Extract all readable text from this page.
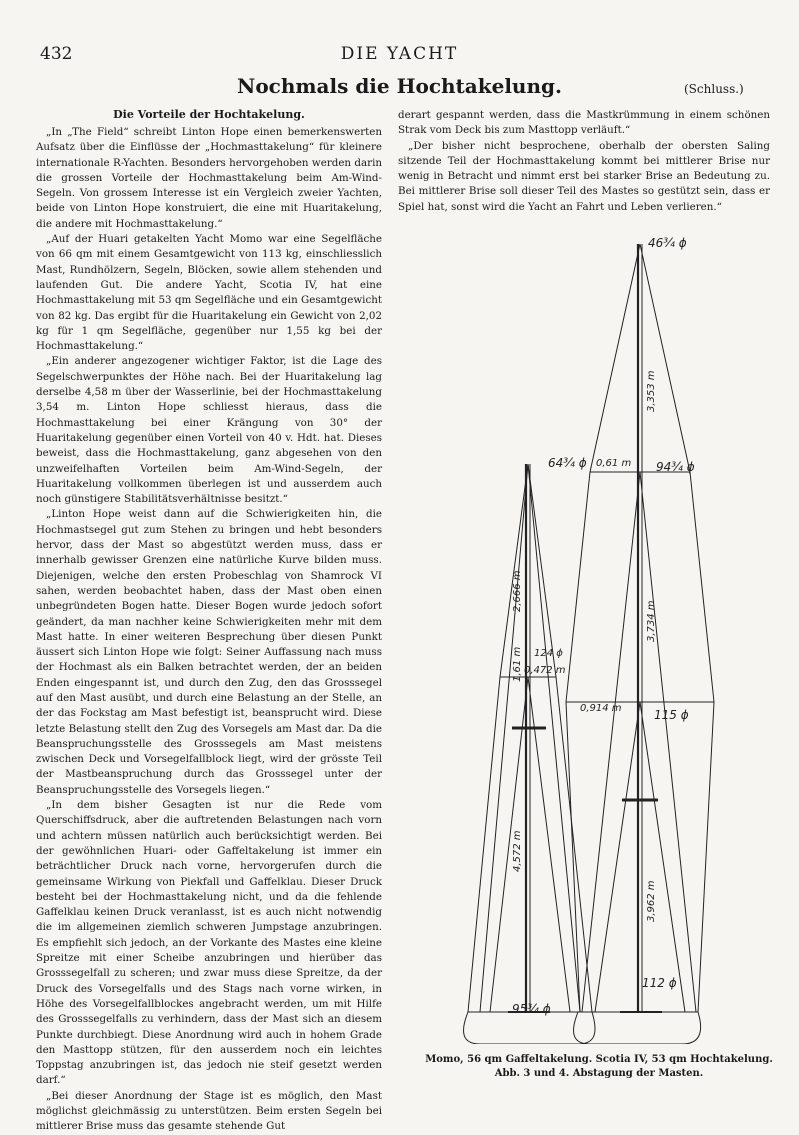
432	DIE YACHT
Nochmals die Hochtakelung.	(Schluss.)
Die Vorteile der Hochtakelung.

„In „The Field“ schreibt Linton Hope einen bemerkenswerten Aufsatz über die Einflüsse der „Hochmasttakelung“ für kleinere internationale R-Yachten. Besonders hervorgehoben werden darin die grossen Vorteile der Hochmasttakelung beim Am-Wind-Segeln. Von grossem Interesse ist ein Vergleich zweier Yachten, beide von Linton Hope konstruiert, die eine mit Huaritakelung, die andere mit Hochmasttakelung.“

„Auf der Huari getakelten Yacht Momo war eine Segelfläche von 66 qm mit einem Gesamtgewicht von 113 kg, einschliesslich Mast, Rundhölzern, Segeln, Blöcken, sowie allem stehenden und laufenden Gut. Die andere Yacht, Scotia IV, hat eine Hochmasttakelung mit 53 qm Segelfläche und ein Gesamtgewicht von 82 kg. Das ergibt für die Huaritakelung ein Gewicht von 2,02 kg für 1 qm Segelfläche, gegenüber nur 1,55 kg bei der Hochmasttakelung.“

„Ein anderer angezogener wichtiger Faktor, ist die Lage des Segelschwerpunktes der Höhe nach. Bei der Huaritakelung lag derselbe 4,58 m über der Wasserlinie, bei der Hochmasttakelung 3,54 m. Linton Hope schliesst hieraus, dass die Hochmasttakelung bei einer Krängung von 30° der Huaritakelung gegenüber einen Vorteil von 40 v. Hdt. hat. Dieses beweist, dass die Hochmasttakelung, ganz abgesehen von den unzweifelhaften Vorteilen beim Am-Wind-Segeln, der Huaritakelung vollkommen überlegen ist und ausserdem auch noch günstigere Stabilitätsverhältnisse besitzt.“

„Linton Hope weist dann auf die Schwierigkeiten hin, die Hochmastsegel gut zum Stehen zu bringen und hebt besonders hervor, dass der Mast so abgestützt werden muss, dass er innerhalb gewisser Grenzen eine natürliche Kurve bilden muss. Diejenigen, welche den ersten Probeschlag von Shamrock VI sahen, werden beobachtet haben, dass der Mast oben einen unbegründeten Bogen hatte. Dieser Bogen wurde jedoch sofort geändert, da man nachher keine Schwierigkeiten mehr mit dem Mast hatte. In einer weiteren Besprechung über diesen Punkt äussert sich Linton Hope wie folgt: Seiner Auffassung nach muss der Hochmast als ein Balken betrachtet werden, der an beiden Enden eingespannt ist, und durch den Zug, den das Grosssegel auf den Mast ausübt, und durch eine Belastung an der Stelle, an der das Fockstag am Mast befestigt ist, beansprucht wird. Diese letzte Belastung stellt den Zug des Vorsegels am Mast dar. Da die Beanspruchungsstelle des Grosssegels am Mast meistens zwischen Deck und Vorsegelfallblock liegt, wird der grösste Teil der Mastbeanspruchung durch das Grosssegel unter der Beanspruchungsstelle des Vorsegels liegen.“

„In dem bisher Gesagten ist nur die Rede vom Querschiffsdruck, aber die auftretenden Belastungen nach vorn und achtern müssen natürlich auch berücksichtigt werden. Bei der gewöhnlichen Huari- oder Gaffeltakelung ist immer ein beträchtlicher Druck nach vorne, hervorgerufen durch die gemeinsame Wirkung von Piekfall und Gaffelklau. Dieser Druck besteht bei der Hochmasttakelung nicht, und da die fehlende Gaffelklau keinen Druck veranlasst, ist es auch nicht notwendig die im allgemeinen ziemlich schweren Jumpstage anzubringen. Es empfiehlt sich jedoch, an der Vorkante des Mastes eine kleine Spreitze mit einer Scheibe anzubringen und hierüber das Grosssegelfall zu scheren; und zwar muss diese Spreitze, da der Druck des Vorsegelfalls und des Stags nach vorne wirken, in Höhe des Vorsegelfallblockes angebracht werden, um mit Hilfe des Grosssegelfalls zu verhindern, dass der Mast sich an diesem Punkte durchbiegt. Diese Anordnung wird auch in hohem Grade den Masttopp stützen, für den ausserdem noch ein leichtes Toppstag anzubringen ist, das jedoch nie steif gesetzt werden darf.“

„Bei dieser Anordnung der Stage ist es möglich, den Mast möglichst gleichmässig zu unterstützen. Beim ersten Segeln bei mittlerer Brise muss das gesamte stehende Gut

derart gespannt werden, dass die Mastkrümmung in einem schönen Strak vom Deck bis zum Masttopp verläuft.“

„Der bisher nicht besprochene, oberhalb der obersten Saling sitzende Teil der Hochmasttakelung kommt bei mittlerer Brise nur wenig in Betracht und nimmt erst bei starker Brise an Bedeutung zu. Bei mittlerer Brise soll dieser Teil des Mastes so gestützt sein, dass er Spiel hat, sonst wird die Yacht an Fahrt und Leben verlieren.“

64¾ ɸ
2,666 m
1,61 m 124 ɸ
0,472 m
4,572 m
95¾ ɸ
46¾ ɸ
3,353 m
0,61 m 94¾ ɸ
3,734 m
0,914 m	115 ɸ
3,962 m
112 ɸ
Momo, 56 qm Gaffeltakelung. Scotia IV, 53 qm Hochtakelung.
Abb. 3 und 4. Abstagung der Masten.
